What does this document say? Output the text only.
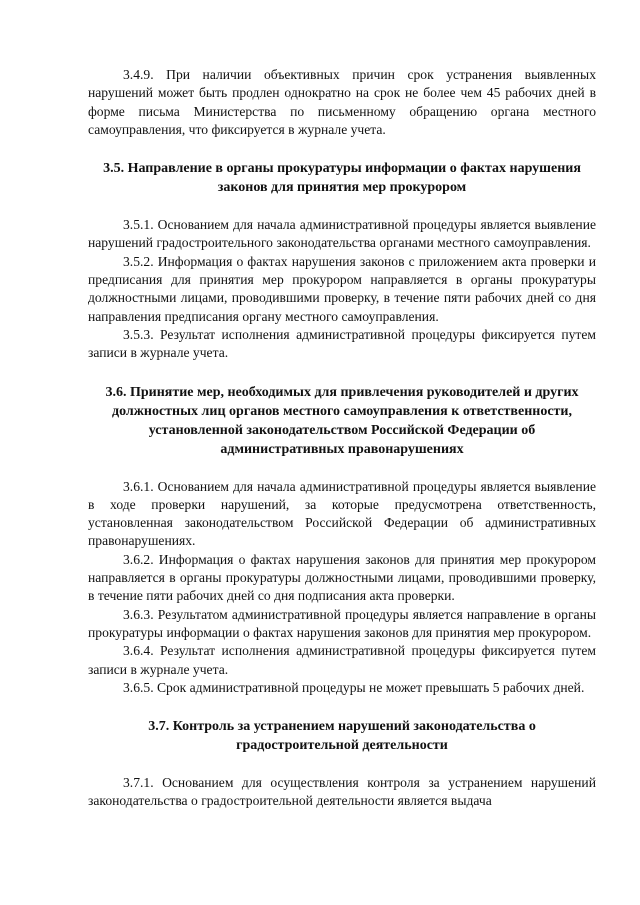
3.4.9. При наличии объективных причин срок устранения выявленных нарушений может быть продлен однократно на срок не более чем 45 рабочих дней в форме письма Министерства по письменному обращению органа местного самоуправления, что фиксируется в журнале учета.

3.5. Направление в органы прокуратуры информации о фактах нарушения законов для принятия мер прокурором

3.5.1. Основанием для начала административной процедуры является выявление нарушений градостроительного законодательства органами местного самоуправления.

3.5.2. Информация о фактах нарушения законов с приложением акта проверки и предписания для принятия мер прокурором направляется в органы прокуратуры должностными лицами, проводившими проверку, в течение пяти рабочих дней со дня направления предписания органу местного самоуправления.

3.5.3. Результат исполнения административной процедуры фиксируется путем записи в журнале учета.

3.6. Принятие мер, необходимых для привлечения руководителей и других должностных лиц органов местного самоуправления к ответственности, установленной законодательством Российской Федерации об административных правонарушениях

3.6.1. Основанием для начала административной процедуры является выявление в ходе проверки нарушений, за которые предусмотрена ответственность, установленная законодательством Российской Федерации об административных правонарушениях.

3.6.2. Информация о фактах нарушения законов для принятия мер прокурором направляется в органы прокуратуры должностными лицами, проводившими проверку, в течение пяти рабочих дней со дня подписания акта проверки.

3.6.3. Результатом административной процедуры является направление в органы прокуратуры информации о фактах нарушения законов для принятия мер прокурором.

3.6.4. Результат исполнения административной процедуры фиксируется путем записи в журнале учета.

3.6.5. Срок административной процедуры не может превышать 5 рабочих дней.

3.7. Контроль за устранением нарушений законодательства о градостроительной деятельности

3.7.1. Основанием для осуществления контроля за устранением нарушений законодательства о градостроительной деятельности является выдача
